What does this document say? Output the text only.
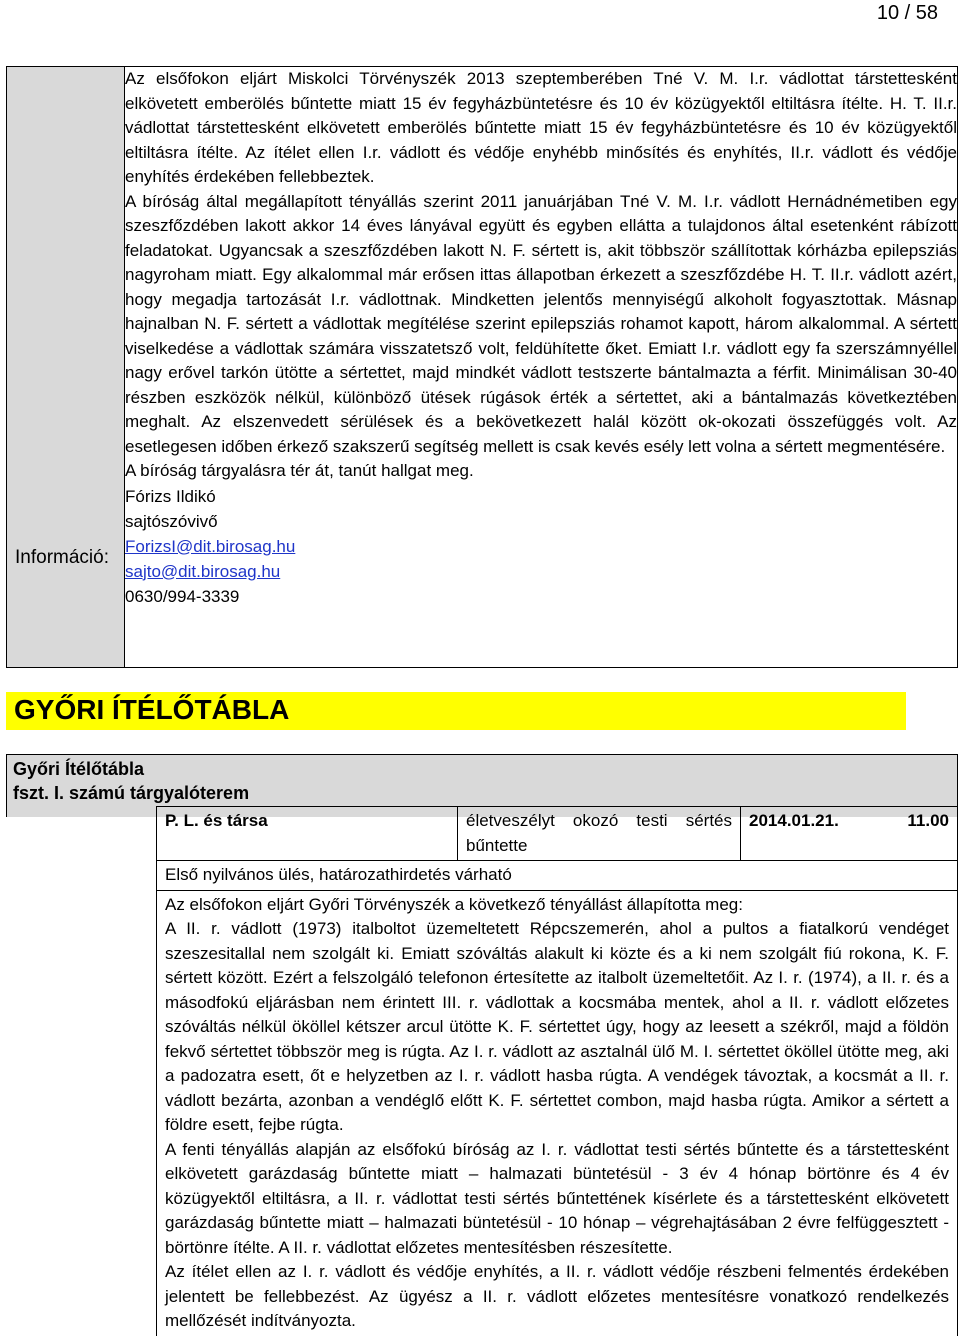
10 / 58
Információ:

Az elsőfokon eljárt Miskolci Törvényszék 2013 szeptemberében Tné V. M. I.r. vádlottat társtettesként elkövetett emberölés bűntette miatt 15 év fegyházbüntetésre és 10 év közügyektől eltiltásra ítélte. H. T. II.r. vádlottat társtettesként elkövetett emberölés bűntette miatt 15 év fegyházbüntetésre és 10 év közügyektől eltiltásra ítélte. Az ítélet ellen I.r. vádlott és védője enyhébb minősítés és enyhítés, II.r. vádlott és védője enyhítés érdekében fellebbeztek.

A bíróság által megállapított tényállás szerint 2011 januárjában Tné V. M. I.r. vádlott Hernádnémetiben egy szeszfőzdében lakott akkor 14 éves lányával együtt és egyben ellátta a tulajdonos által esetenként rábízott feladatokat. Ugyancsak a szeszfőzdében lakott N. F. sértett is, akit többször szállítottak kórházba epilepsziás nagyroham miatt. Egy alkalommal már erősen ittas állapotban érkezett a szeszfőzdébe H. T. II.r. vádlott azért, hogy megadja tartozását I.r. vádlottnak. Mindketten jelentős mennyiségű alkoholt fogyasztottak. Másnap hajnalban N. F. sértett a vádlottak megítélése szerint epilepsziás rohamot kapott, három alkalommal. A sértett viselkedése a vádlottak számára visszatetsző volt, feldühítette őket. Emiatt I.r. vádlott egy fa szerszámnyéllel nagy erővel tarkón ütötte a sértettet, majd mindkét vádlott testszerte bántalmazta a férfit. Minimálisan 30-40 részben eszközök nélkül, különböző ütések rúgások érték a sértettet, aki a bántalmazás következtében meghalt. Az elszenvedett sérülések és a bekövetkezett halál között ok-okozati összefüggés volt. Az esetlegesen időben érkező szakszerű segítség mellett is csak kevés esély lett volna a sértett megmentésére.

A bíróság tárgyalásra tér át, tanút hallgat meg.

Fórizs Ildikó
sajtószóvivő
ForizsI@dit.birosag.hu
sajto@dit.birosag.hu
0630/994-3339
GYŐRI ÍTÉLŐTÁBLA
Győri Ítélőtábla
fszt. I. számú tárgyalóterem
P. L. és társa	életveszélyt okozó testi sértés bűntette	2014.01.21.	11.00
Első nyilvános ülés, határozathirdetés várható

Az elsőfokon eljárt Győri Törvényszék a következő tényállást állapította meg:
A II. r. vádlott (1973) italboltot üzemeltetett Répcszemerén, ahol a pultos a fiatalkorú vendéget szeszesitallal nem szolgált ki. Emiatt szóváltás alakult ki közte és a ki nem szolgált fiú rokona, K. F. sértett között. Ezért a felszolgáló telefonon értesítette az italbolt üzemeltetőit. Az I. r. (1974), a II. r. és a másodfokú eljárásban nem érintett III. r. vádlottak a kocsmába mentek, ahol a II. r. vádlott előzetes szóváltás nélkül ököllel kétszer arcul ütötte K. F. sértettet úgy, hogy az leesett a székről, majd a földön fekvő sértettet többször meg is rúgta. Az I. r. vádlott az asztalnál ülő M. I. sértettet ököllel ütötte meg, aki a padozatra esett, őt e helyzetben az I. r. vádlott hasba rúgta. A vendégek távoztak, a kocsmát a II. r. vádlott bezárta, azonban a vendéglő előtt K. F. sértettet combon, majd hasba rúgta. Amikor a sértett a földre esett, fejbe rúgta.
A fenti tényállás alapján az elsőfokú bíróság az I. r. vádlottat testi sértés bűntette és a társtettesként elkövetett garázdaság bűntette miatt – halmazati büntetésül - 3 év 4 hónap börtönre és 4 év közügyektől eltiltásra, a II. r. vádlottat testi sértés bűntettének kísérlete és a társtettesként elkövetett garázdaság bűntette miatt – halmazati büntetésül - 10 hónap – végrehajtásában 2 évre felfüggesztett - börtönre ítélte. A II. r. vádlottat előzetes mentesítésben részesítette.
Az ítélet ellen az I. r. vádlott és védője enyhítés, a II. r. vádlott védője részbeni felmentés érdekében jelentett be fellebbezést. Az ügyész a II. r. vádlott előzetes mentesítésre vonatkozó rendelkezés mellőzését indítványozta.
